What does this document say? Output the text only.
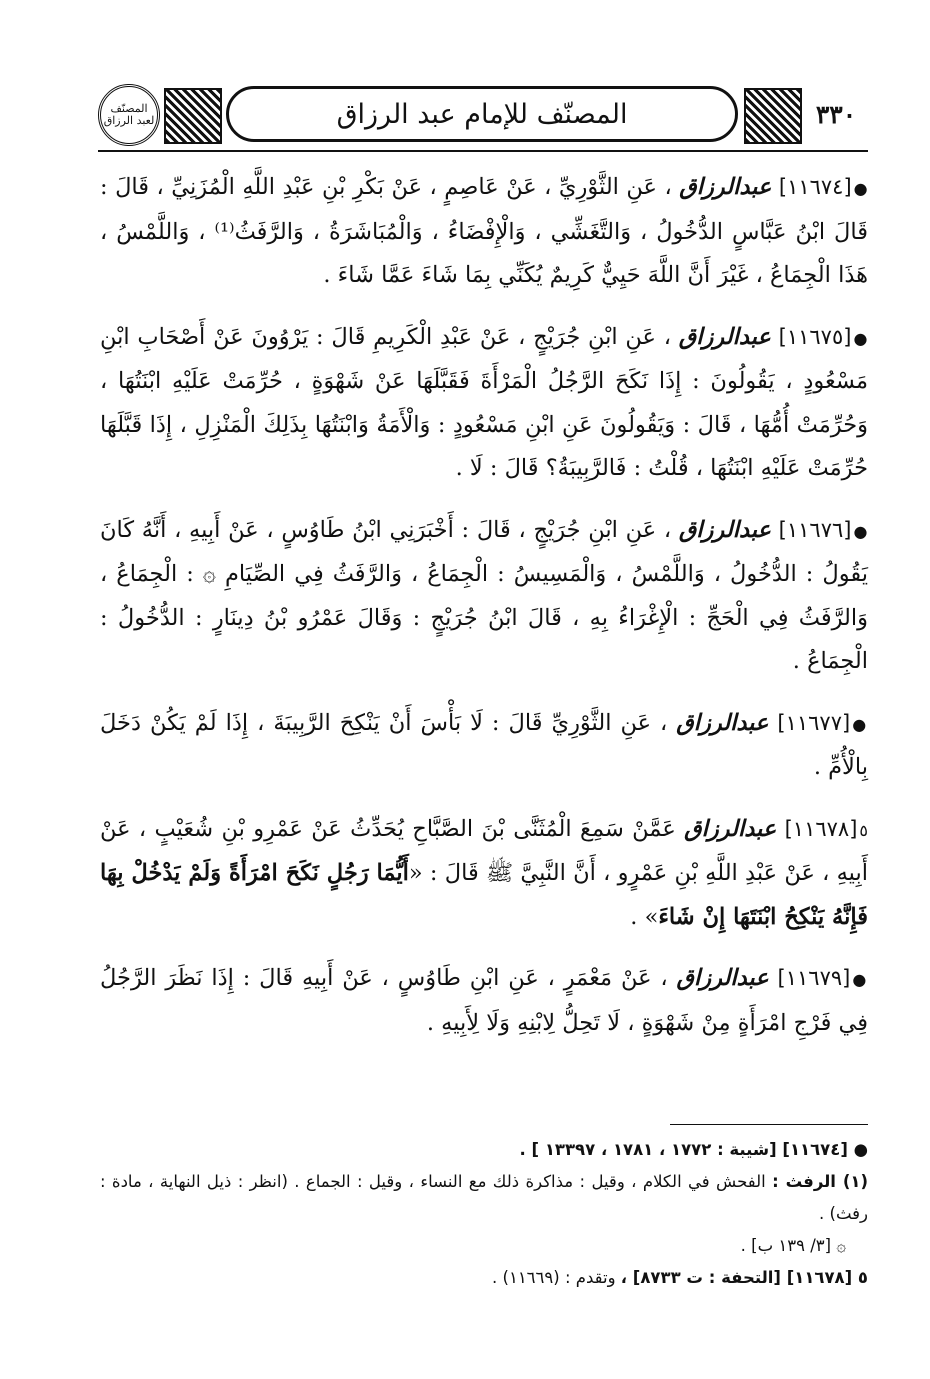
المصنّف
لعبد الرزاق	المصنّف للإمام عبد الرزاق	٣٣٠

●[١١٦٧٤] عبدالرزاق ، عَنِ الثَّوْرِيِّ ، عَنْ عَاصِمٍ ، عَنْ بَكْرِ بْنِ عَبْدِ اللَّهِ الْمُزَنِيِّ ، قَالَ : قَالَ ابْنُ عَبَّاسٍ الدُّخُولُ ، وَالتَّغَشِّي ، وَالْإِفْضَاءُ ، وَالْمُبَاشَرَةُ ، وَالرَّفَثُ⁽¹⁾ ، وَاللَّمْسُ ، هَذَا الْجِمَاعُ ، غَيْرَ أَنَّ اللَّهَ حَيِيٌّ كَرِيمٌ يُكَنِّي بِمَا شَاءَ عَمَّا شَاءَ .

●[١١٦٧٥] عبدالرزاق ، عَنِ ابْنِ جُرَيْجٍ ، عَنْ عَبْدِ الْكَرِيمِ قَالَ : يَرْوُونَ عَنْ أَصْحَابِ ابْنِ مَسْعُودٍ ، يَقُولُونَ : إِذَا نَكَحَ الرَّجُلُ الْمَرْأَةَ فَقَبَّلَهَا عَنْ شَهْوَةٍ ، حُرِّمَتْ عَلَيْهِ ابْنَتُهَا ، وَحُرِّمَتْ أُمُّهَا ، قَالَ : وَيَقُولُونَ عَنِ ابْنِ مَسْعُودٍ : وَالْأَمَةُ وَابْنَتُهَا بِذَلِكَ الْمَنْزِلِ ، إِذَا قَبَّلَهَا حُرِّمَتْ عَلَيْهِ ابْنَتُهَا ، قُلْتُ : فَالرَّبِيبَةُ؟ قَالَ : لَا .

●[١١٦٧٦] عبدالرزاق ، عَنِ ابْنِ جُرَيْجٍ ، قَالَ : أَخْبَرَنِي ابْنُ طَاوُسٍ ، عَنْ أَبِيهِ ، أَنَّهُ كَانَ يَقُولُ : الدُّخُولُ ، وَاللَّمْسُ ، وَالْمَسِيسُ : الْجِمَاعُ ، وَالرَّفَثُ فِي الصِّيَامِ ۞ : الْجِمَاعُ ، وَالرَّفَثُ فِي الْحَجِّ : الْإِغْرَاءُ بِهِ ، قَالَ ابْنُ جُرَيْجٍ : وَقَالَ عَمْرُو بْنُ دِينَارٍ : الدُّخُولُ : الْجِمَاعُ .

●[١١٦٧٧] عبدالرزاق ، عَنِ الثَّوْرِيِّ قَالَ : لَا بَأْسَ أَنْ يَنْكِحَ الرَّبِيبَةَ ، إِذَا لَمْ يَكُنْ دَخَلَ بِالْأُمِّ .

٥[١١٦٧٨] عبدالرزاق عَمَّنْ سَمِعَ الْمُثَنَّى بْنَ الصَّبَّاحِ يُحَدِّثُ عَنْ عَمْرِو بْنِ شُعَيْبٍ ، عَنْ أَبِيهِ ، عَنْ عَبْدِ اللَّهِ بْنِ عَمْرٍو ، أَنَّ النَّبِيَّ ﷺ قَالَ : «أَيُّمَا رَجُلٍ نَكَحَ امْرَأَةً وَلَمْ يَدْخُلْ بِهَا فَإِنَّهُ يَنْكِحُ ابْنَتَهَا إِنْ شَاءَ» .

●[١١٦٧٩] عبدالرزاق ، عَنْ مَعْمَرٍ ، عَنِ ابْنِ طَاوُسٍ ، عَنْ أَبِيهِ قَالَ : إِذَا نَظَرَ الرَّجُلُ فِي فَرْجِ امْرَأَةٍ مِنْ شَهْوَةٍ ، لَا تَحِلُّ لِابْنِهِ وَلَا لِأَبِيهِ .

● [١١٦٧٤] [شيبة : ١٧٧٢ ، ١٧٨١ ، ١٣٣٩٧ ] .

(١) الرفث : الفحش في الكلام ، وقيل : مذاكرة ذلك مع النساء ، وقيل : الجماع . (انظر : ذيل النهاية ، مادة : رفث) .

۞ [٣/ ١٣٩ ب] .

٥ [١١٦٧٨] [التحفة : ت ٨٧٣٣] ، وتقدم : (١١٦٦٩) .
